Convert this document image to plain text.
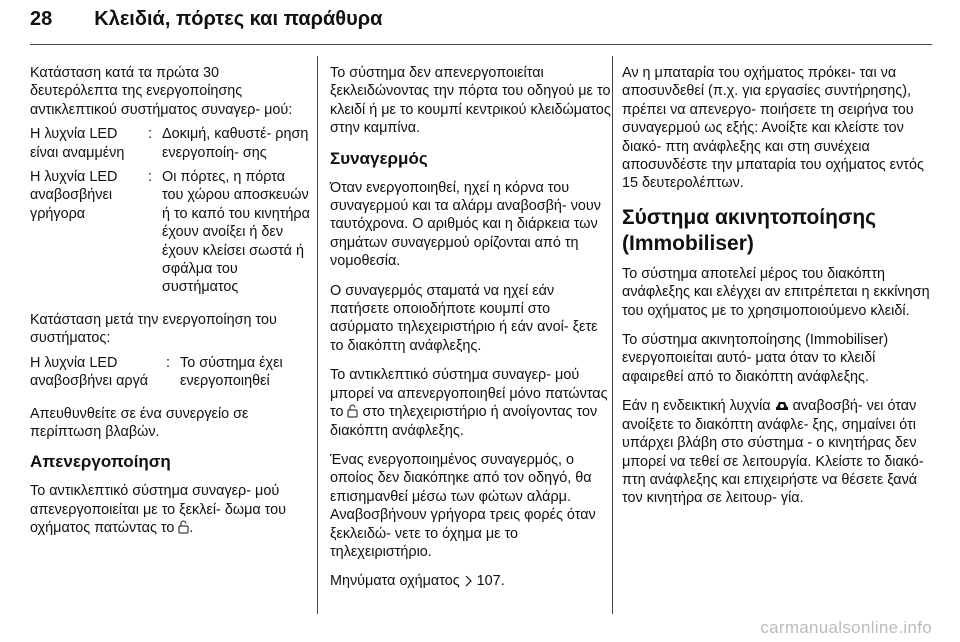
28 Κλειδιά, πόρτες και παράθυρα

Κατάσταση κατά τα πρώτα 30 δευτερόλεπτα της ενεργοποίησης αντικλεπτικού συστήματος συναγερ‐ μού:

Η λυχνία LED είναι αναμμένη
: Δοκιμή, καθυστέ‐ ρηση ενεργοποίη‐ σης
Η λυχνία LED αναβοσβήνει γρήγορα
: Οι πόρτες, η πόρτα του χώρου αποσκευών ή το καπό του κινητήρα έχουν ανοίξει ή δεν έχουν κλείσει σωστά ή σφάλμα του συστήματος

Κατάσταση μετά την ενεργοποίηση του συστήματος:

Η λυχνία LED αναβοσβήνει αργά
: Το σύστημα έχει ενεργοποιηθεί

Απευθυνθείτε σε ένα συνεργείο σε περίπτωση βλαβών.

Απενεργοποίηση

Το αντικλεπτικό σύστημα συναγερ‐ μού απενεργοποιείται με το ξεκλεί‐ δωμα του οχήματος πατώντας το .

Το σύστημα δεν απενεργοποιείται ξεκλειδώνοντας την πόρτα του οδηγού με το κλειδί ή με το κουμπί κεντρικού κλειδώματος στην καμπίνα.

Συναγερμός

Όταν ενεργοποιηθεί, ηχεί η κόρνα του συναγερμού και τα αλάρμ αναβοσβή‐ νουν ταυτόχρονα. Ο αριθμός και η διάρκεια των σημάτων συναγερμού ορίζονται από τη νομοθεσία.

Ο συναγερμός σταματά να ηχεί εάν πατήσετε οποιοδήποτε κουμπί στο ασύρματο τηλεχειριστήριο ή εάν ανοί‐ ξετε το διακόπτη ανάφλεξης.

Το αντικλεπτικό σύστημα συναγερ‐ μού μπορεί να απενεργοποιηθεί μόνο πατώντας το στο τηλεχειριστήριο ή ανοίγοντας τον διακόπτη ανάφλεξης.

Ένας ενεργοποιημένος συναγερμός, ο οποίος δεν διακόπηκε από τον οδηγό, θα επισημανθεί μέσω των φώτων αλάρμ. Αναβοσβήνουν γρήγορα τρεις φορές όταν ξεκλειδώ‐ νετε το όχημα με το τηλεχειριστήριο.

Μηνύματα οχήματος 107.

Αν η μπαταρία του οχήματος πρόκει‐ ται να αποσυνδεθεί (π.χ. για εργασίες συντήρησης), πρέπει να απενεργο‐ ποιήσετε τη σειρήνα του συναγερμού ως εξής: Ανοίξτε και κλείστε τον διακό‐ πτη ανάφλεξης και στη συνέχεια αποσυνδέστε την μπαταρία του οχήματος εντός 15 δευτερολέπτων.

Σύστημα ακινητοποίησης (Immobiliser)

Το σύστημα αποτελεί μέρος του διακόπτη ανάφλεξης και ελέγχει αν επιτρέπεται η εκκίνηση του οχήματος με το χρησιμοποιούμενο κλειδί.

Το σύστημα ακινητοποίησης (Immobiliser) ενεργοποιείται αυτό‐ ματα όταν το κλειδί αφαιρεθεί από το διακόπτη ανάφλεξης.

Εάν η ενδεικτική λυχνία αναβοσβή‐ νει όταν ανοίξετε το διακόπτη ανάφλε‐ ξης, σημαίνει ότι υπάρχει βλάβη στο σύστημα - ο κινητήρας δεν μπορεί να τεθεί σε λειτουργία. Κλείστε το διακό‐ πτη ανάφλεξης και επιχειρήστε να θέσετε ξανά τον κινητήρα σε λειτουρ‐ γία.

carmanualsonline.info
